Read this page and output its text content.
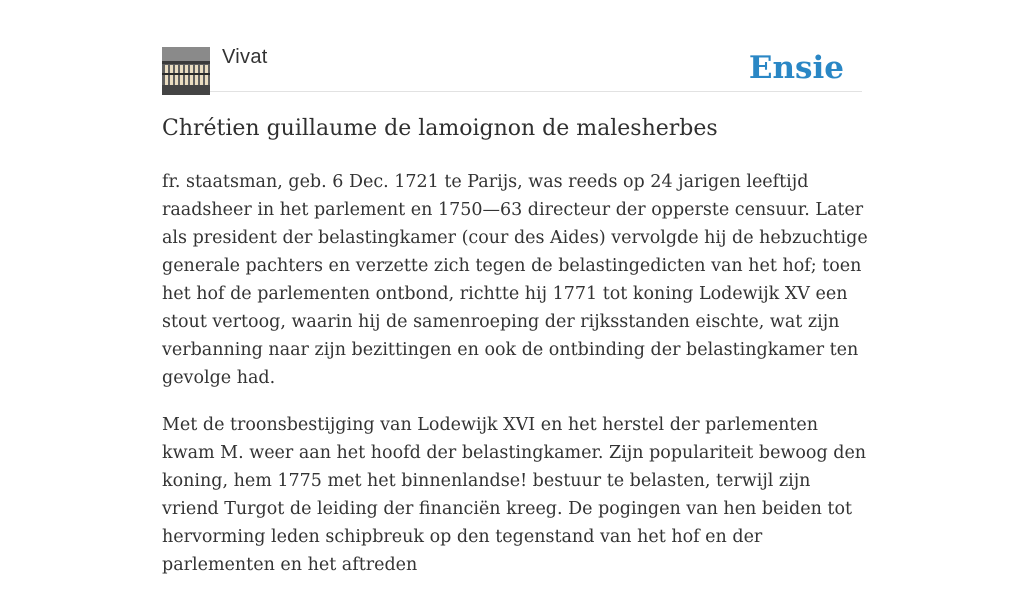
Vivat	Ensie
Chrétien guillaume de lamoignon de malesherbes

fr. staatsman, geb. 6 Dec. 1721 te Parijs, was reeds op 24 jarigen leeftijd raadsheer in het parlement en 1750—63 directeur der opperste censuur. Later als president der belastingkamer (cour des Aides) vervolgde hij de hebzuchtige generale pachters en verzette zich tegen de belastingedicten van het hof; toen het hof de parlementen ontbond, richtte hij 1771 tot koning Lodewijk XV een stout vertoog, waarin hij de samenroeping der rijksstanden eischte, wat zijn verbanning naar zijn bezittingen en ook de ontbinding der belastingkamer ten gevolge had.

Met de troonsbestijging van Lodewijk XVI en het herstel der parlementen kwam M. weer aan het hoofd der belastingkamer. Zijn populariteit bewoog den koning, hem 1775 met het binnenlandse! bestuur te belasten, terwijl zijn vriend Turgot de leiding der financiën kreeg. De pogingen van hen beiden tot hervorming leden schipbreuk op den tegenstand van het hof en der parlementen en het aftreden
